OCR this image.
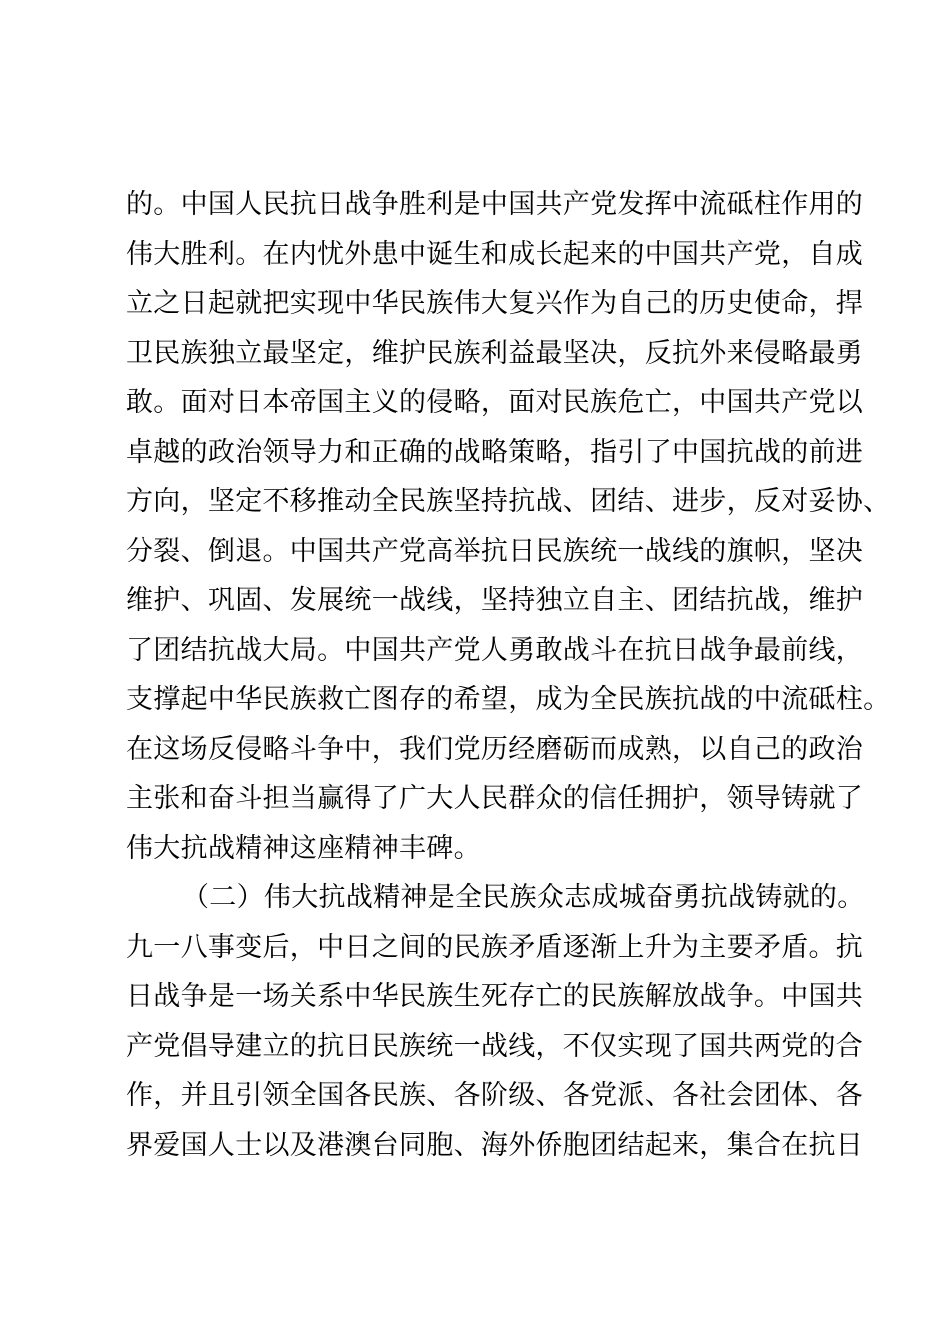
的。中国人民抗日战争胜利是中国共产党发挥中流砥柱作用的
伟大胜利。在内忧外患中诞生和成长起来的中国共产党，自成
立之日起就把实现中华民族伟大复兴作为自己的历史使命，捍
卫民族独立最坚定，维护民族利益最坚决，反抗外来侵略最勇
敢。面对日本帝国主义的侵略，面对民族危亡，中国共产党以
卓越的政治领导力和正确的战略策略，指引了中国抗战的前进
方向，坚定不移推动全民族坚持抗战、团结、进步，反对妥协、
分裂、倒退。中国共产党高举抗日民族统一战线的旗帜，坚决
维护、巩固、发展统一战线，坚持独立自主、团结抗战，维护
了团结抗战大局。中国共产党人勇敢战斗在抗日战争最前线，
支撑起中华民族救亡图存的希望，成为全民族抗战的中流砥柱。
在这场反侵略斗争中，我们党历经磨砺而成熟，以自己的政治
主张和奋斗担当赢得了广大人民群众的信任拥护，领导铸就了
伟大抗战精神这座精神丰碑。
（二）伟大抗战精神是全民族众志成城奋勇抗战铸就的。
九一八事变后，中日之间的民族矛盾逐渐上升为主要矛盾。抗
日战争是一场关系中华民族生死存亡的民族解放战争。中国共
产党倡导建立的抗日民族统一战线，不仅实现了国共两党的合
作，并且引领全国各民族、各阶级、各党派、各社会团体、各
界爱国人士以及港澳台同胞、海外侨胞团结起来，集合在抗日
